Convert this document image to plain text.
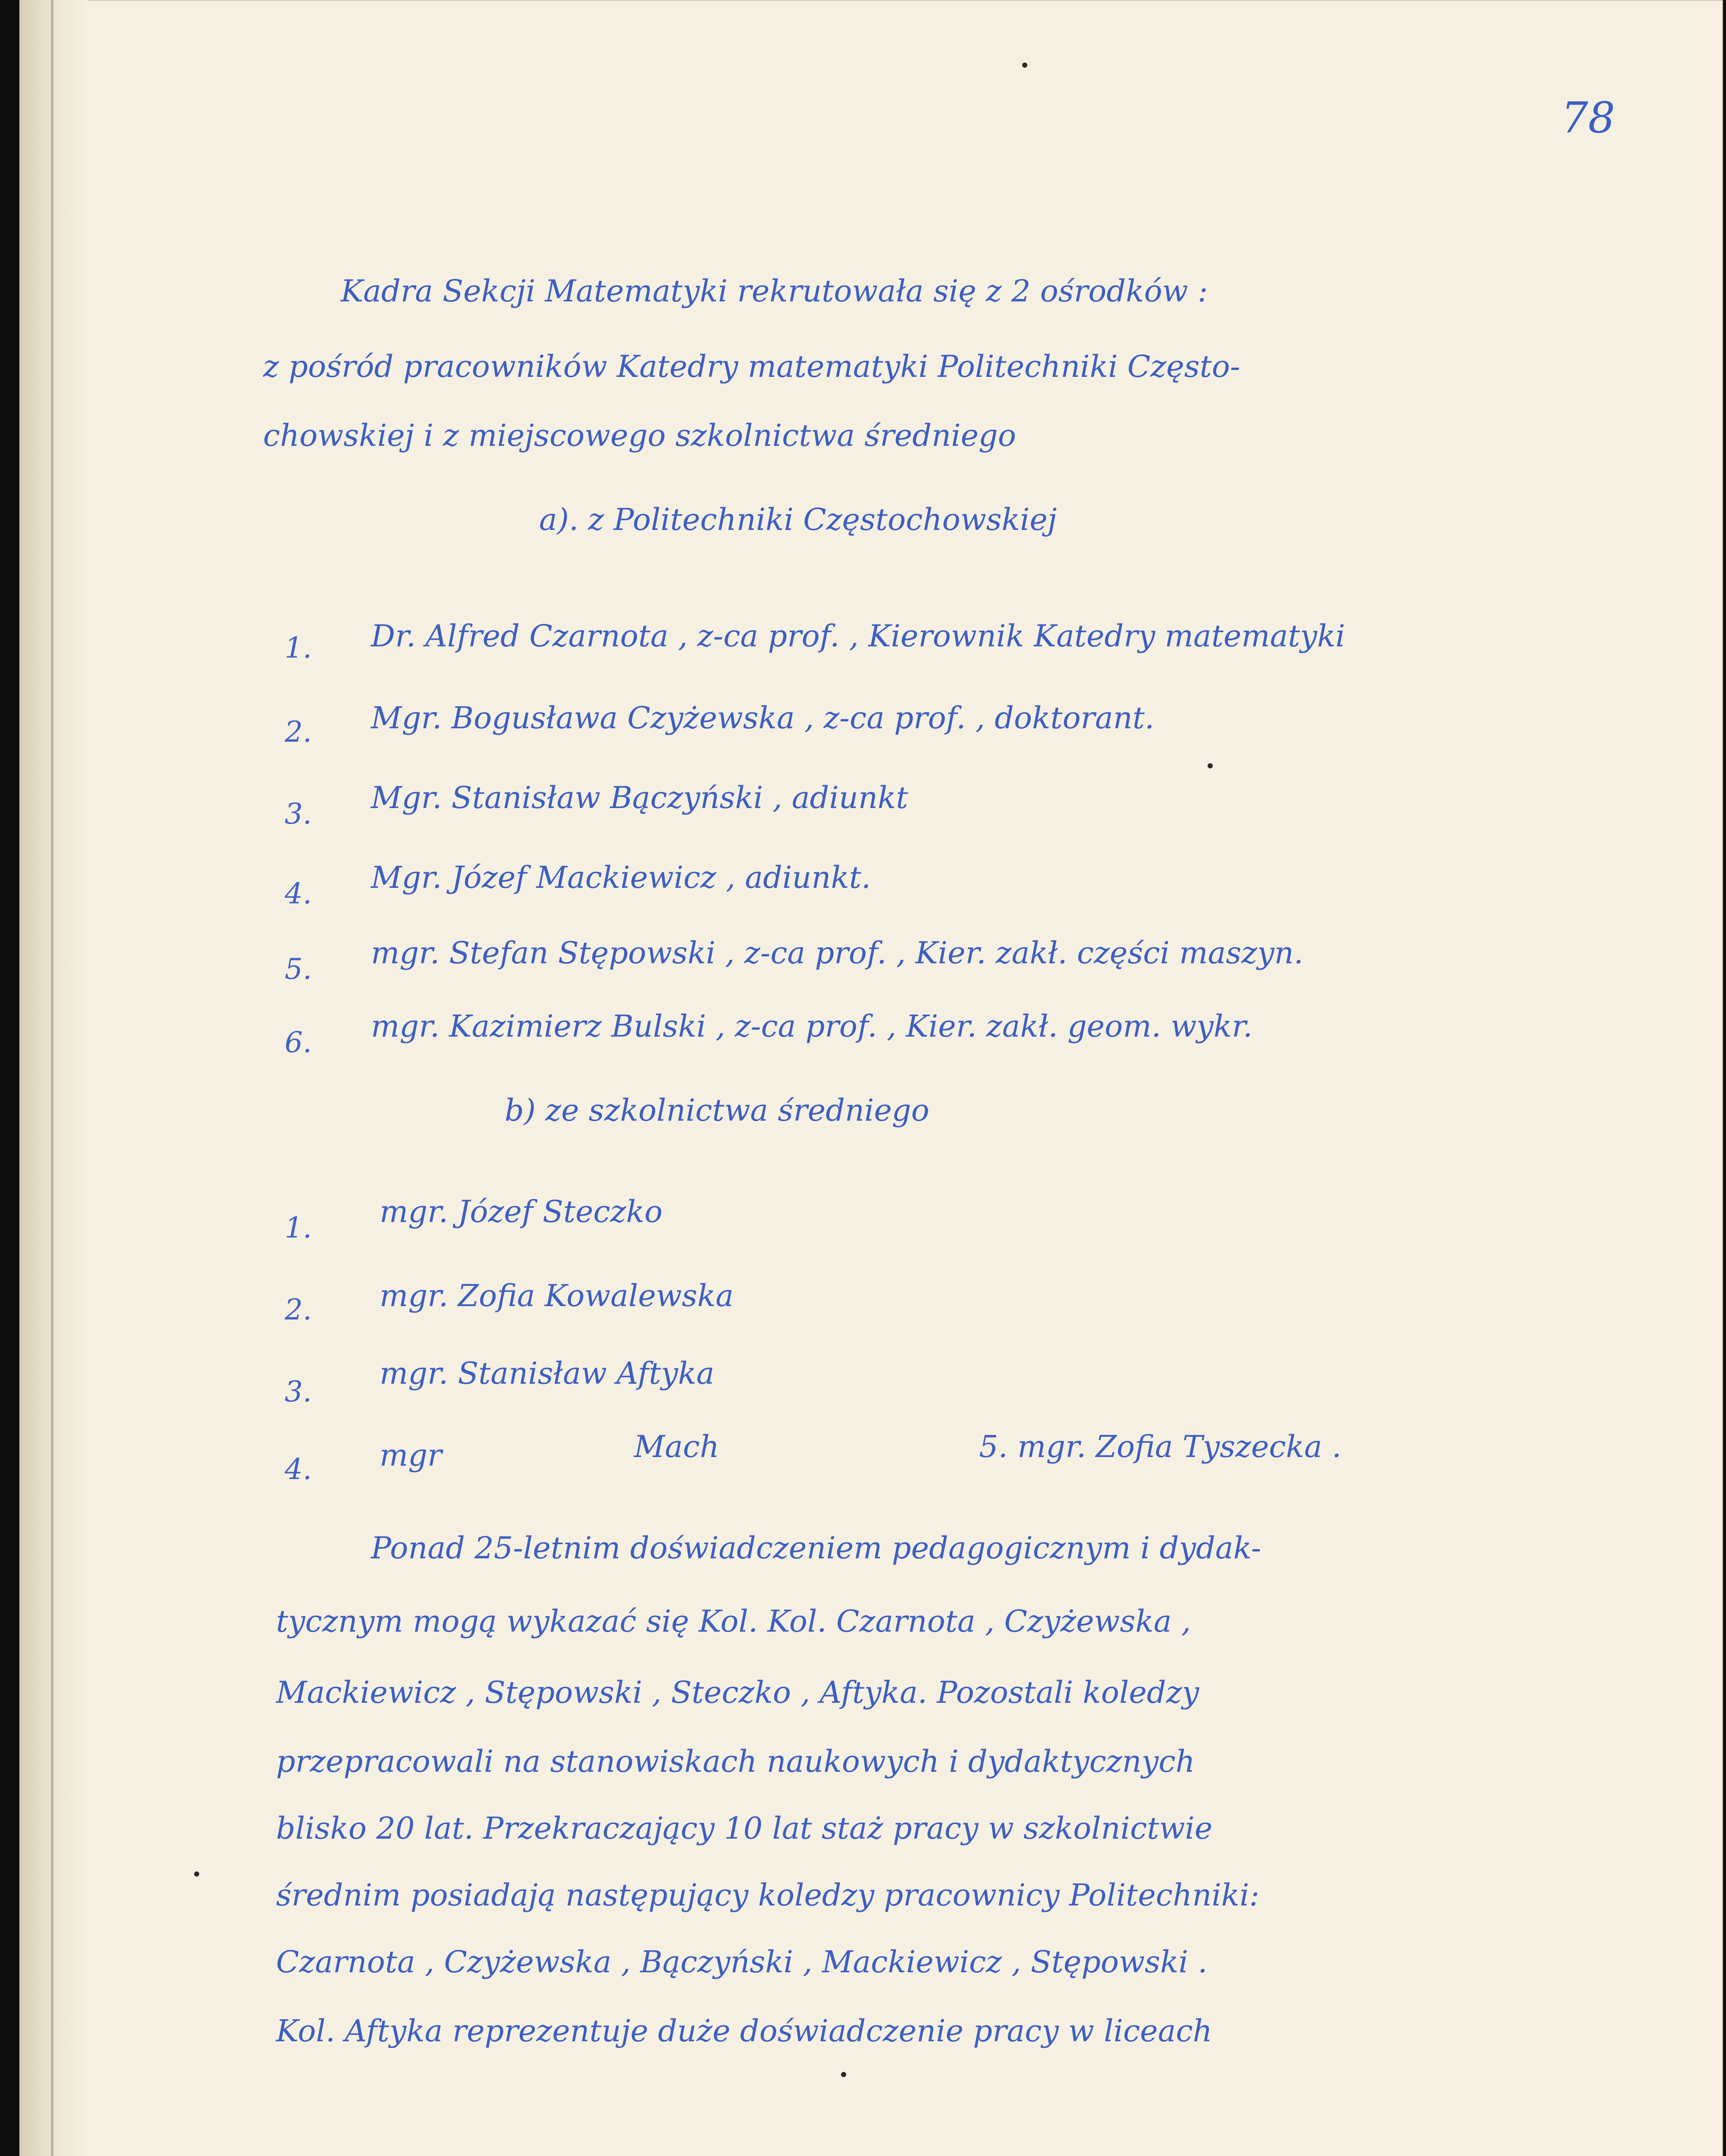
78
Kadra Sekcji Matematyki rekrutowała się z 2 ośrodków :
z pośród pracowników Katedry matematyki Politechniki Często-
chowskiej i z miejscowego szkolnictwa średniego
a). z Politechniki Częstochowskiej
1. Dr. Alfred Czarnota , z-ca prof. , Kierownik Katedry matematyki
2. Mgr. Bogusława Czyżewska , z-ca prof. , doktorant.
3. Mgr. Stanisław Bączyński , adiunkt
4. Mgr. Józef Mackiewicz , adiunkt.
5. mgr. Stefan Stępowski , z-ca prof. , Kier. zakł. części maszyn.
6. mgr. Kazimierz Bulski , z-ca prof. , Kier. zakł. geom. wykr.
b) ze szkolnictwa średniego
1. mgr. Józef Steczko
2. mgr. Zofia Kowalewska
3.
mgr. Stanisław Aftyka
4. mgr	Mach	5. mgr. Zofia Tyszecka .
Ponad 25-letnim doświadczeniem pedagogicznym i dydak-
tycznym mogą wykazać się Kol. Kol. Czarnota , Czyżewska ,
Mackiewicz , Stępowski , Steczko , Aftyka. Pozostali koledzy
przepracowali na stanowiskach naukowych i dydaktycznych
blisko 20 lat. Przekraczający 10 lat staż pracy w szkolnictwie
średnim posiadają następujący koledzy pracownicy Politechniki:
Czarnota , Czyżewska , Bączyński , Mackiewicz , Stępowski .
Kol. Aftyka reprezentuje duże doświadczenie pracy w liceach
